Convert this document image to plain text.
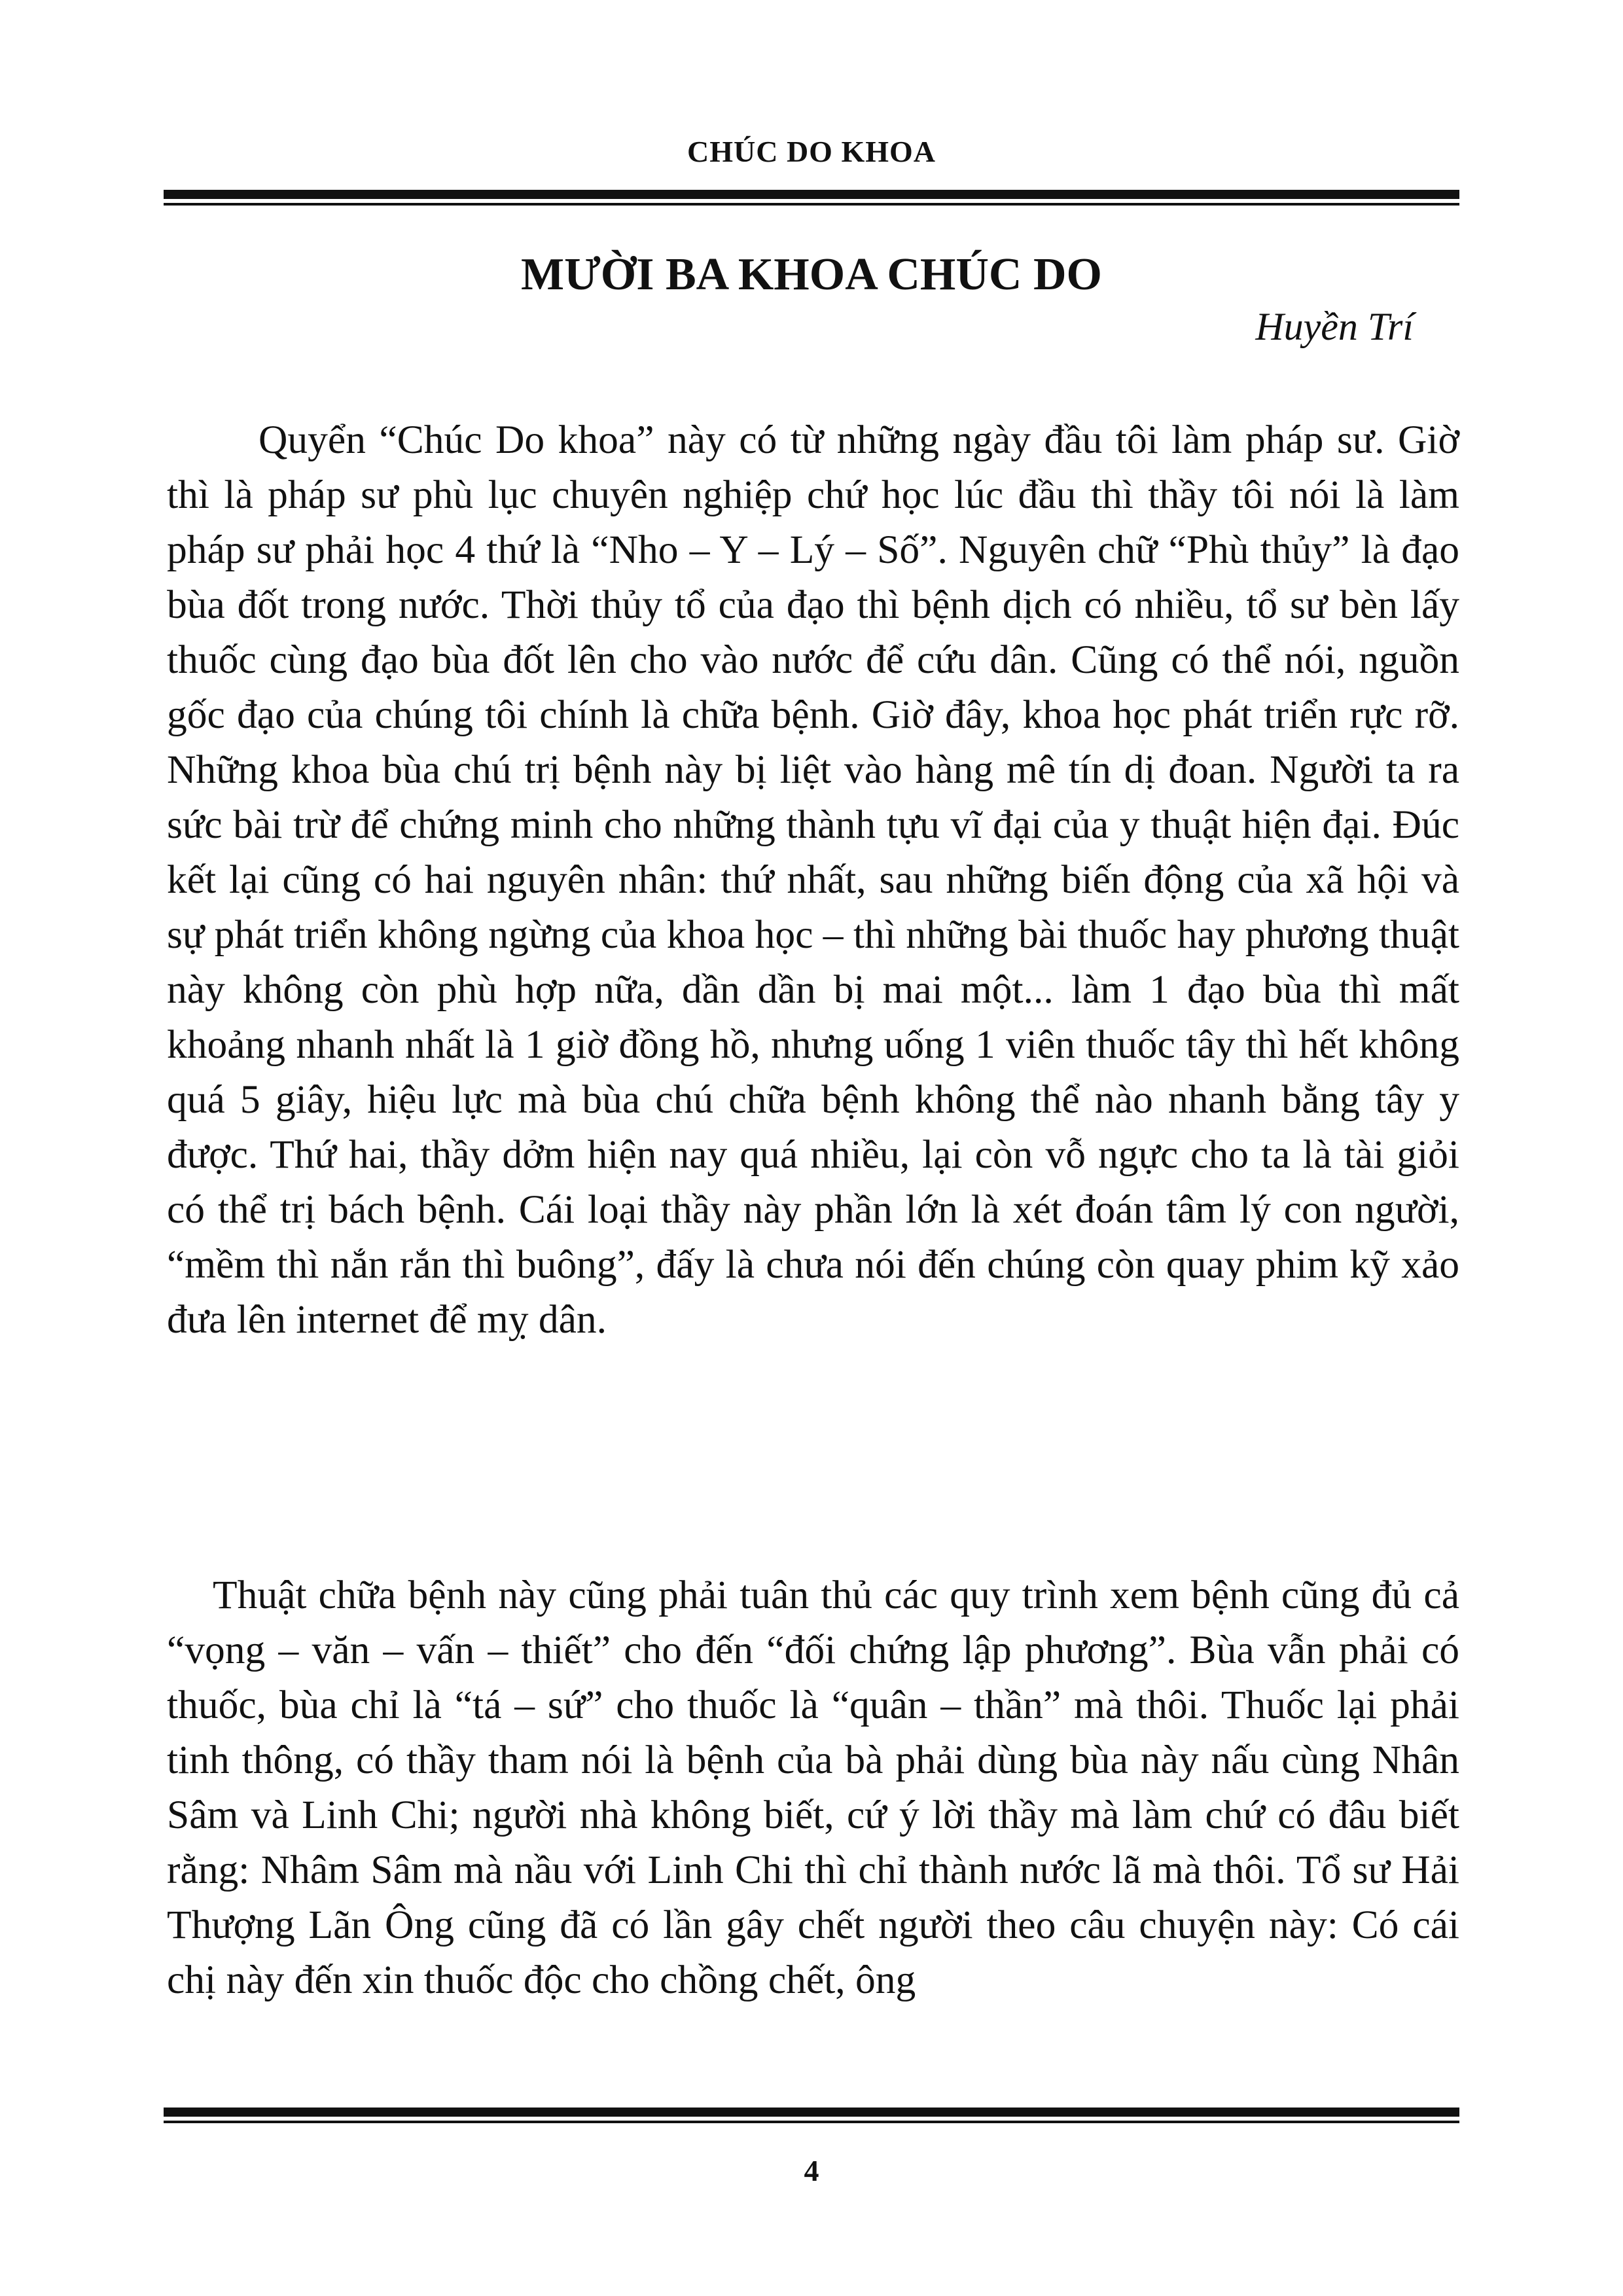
CHÚC DO KHOA
MƯỜI BA KHOA CHÚC DO
Huyền Trí

Quyển “Chúc Do khoa” này có từ những ngày đầu tôi làm pháp sư. Giờ thì là pháp sư phù lục chuyên nghiệp chứ học lúc đầu thì thầy tôi nói là làm pháp sư phải học 4 thứ là “Nho – Y – Lý – Số”. Nguyên chữ “Phù thủy” là đạo bùa đốt trong nước. Thời thủy tổ của đạo thì bệnh dịch có nhiều, tổ sư bèn lấy thuốc cùng đạo bùa đốt lên cho vào nước để cứu dân. Cũng có thể nói, nguồn gốc đạo của chúng tôi chính là chữa bệnh. Giờ đây, khoa học phát triển rực rỡ. Những khoa bùa chú trị bệnh này bị liệt vào hàng mê tín dị đoan. Người ta ra sức bài trừ để chứng minh cho những thành tựu vĩ đại của y thuật hiện đại. Đúc kết lại cũng có hai nguyên nhân: thứ nhất, sau những biến động của xã hội và sự phát triển không ngừng của khoa học – thì những bài thuốc hay phương thuật này không còn phù hợp nữa, dần dần bị mai một... làm 1 đạo bùa thì mất khoảng nhanh nhất là 1 giờ đồng hồ, nhưng uống 1 viên thuốc tây thì hết không quá 5 giây, hiệu lực mà bùa chú chữa bệnh không thể nào nhanh bằng tây y được. Thứ hai, thầy dởm hiện nay quá nhiều, lại còn vỗ ngực cho ta là tài giỏi có thể trị bách bệnh. Cái loại thầy này phần lớn là xét đoán tâm lý con người, “mềm thì nắn rắn thì buông”, đấy là chưa nói đến chúng còn quay phim kỹ xảo đưa lên internet để mỵ dân.

Thuật chữa bệnh này cũng phải tuân thủ các quy trình xem bệnh cũng đủ cả “vọng – văn – vấn – thiết” cho đến “đối chứng lập phương”. Bùa vẫn phải có thuốc, bùa chỉ là “tá – sứ” cho thuốc là “quân – thần” mà thôi. Thuốc lại phải tinh thông, có thầy tham nói là bệnh của bà phải dùng bùa này nấu cùng Nhân Sâm và Linh Chi; người nhà không biết, cứ ý lời thầy mà làm chứ có đâu biết rằng: Nhâm Sâm mà nầu với Linh Chi thì chỉ thành nước lã mà thôi. Tổ sư Hải Thượng Lãn Ông cũng đã có lần gây chết người theo câu chuyện này: Có cái chị này đến xin thuốc độc cho chồng chết, ông

4
